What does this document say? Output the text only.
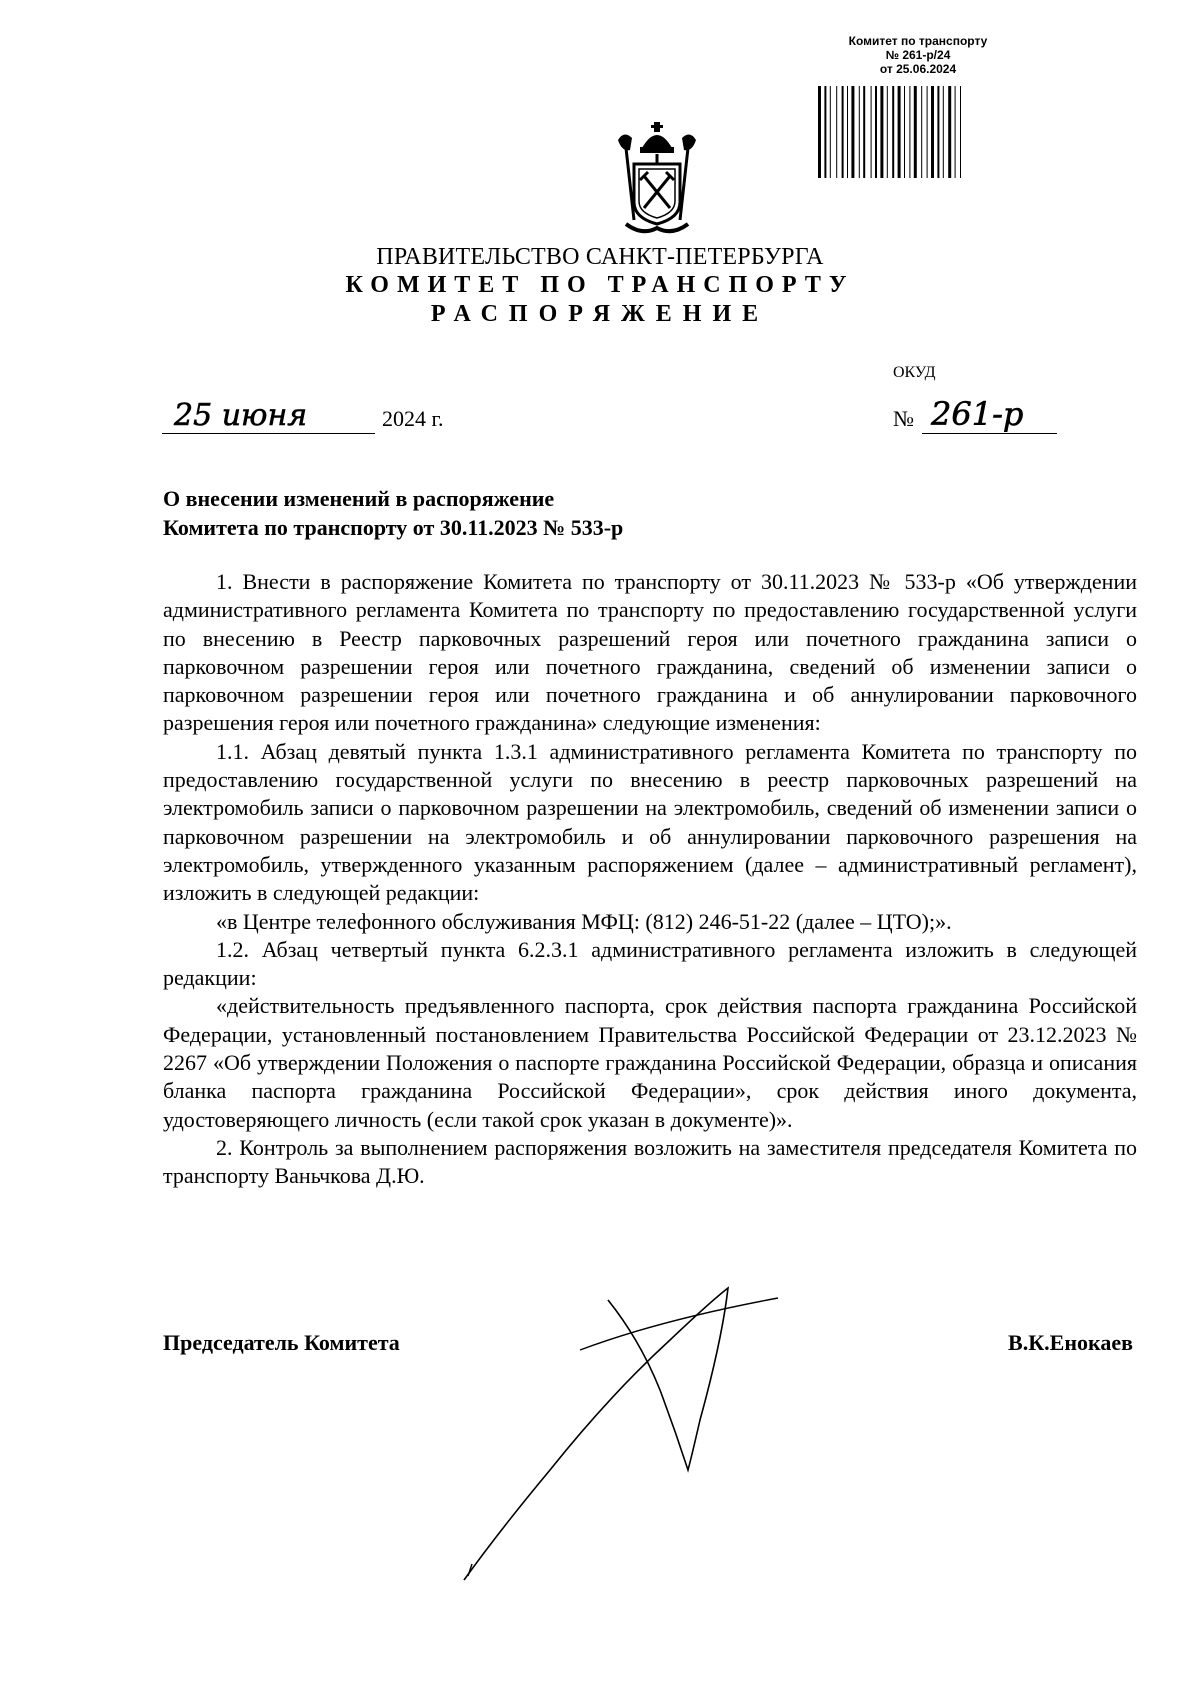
Комитет по транспорту
№ 261-р/24
от 25.06.2024
ПРАВИТЕЛЬСТВО САНКТ-ПЕТЕРБУРГА
КОМИТЕТ ПО ТРАНСПОРТУ
РАСПОРЯЖЕНИЕ
ОКУД
25 июня	2024 г.	№ 261-р
О внесении изменений в распоряжение
Комитета по транспорту от 30.11.2023 № 533-р

1. Внести в распоряжение Комитета по транспорту от 30.11.2023 № 533-р «Об утверждении административного регламента Комитета по транспорту по предоставлению государственной услуги по внесению в Реестр парковочных разрешений героя или почетного гражданина записи о парковочном разрешении героя или почетного гражданина, сведений об изменении записи о парковочном разрешении героя или почетного гражданина и об аннулировании парковочного разрешения героя или почетного гражданина» следующие изменения:

1.1. Абзац девятый пункта 1.3.1 административного регламента Комитета по транспорту по предоставлению государственной услуги по внесению в реестр парковочных разрешений на электромобиль записи о парковочном разрешении на электромобиль, сведений об изменении записи о парковочном разрешении на электромобиль и об аннулировании парковочного разрешения на электромобиль, утвержденного указанным распоряжением (далее – административный регламент), изложить в следующей редакции:

«в Центре телефонного обслуживания МФЦ: (812) 246-51-22 (далее – ЦТО);».

1.2. Абзац четвертый пункта 6.2.3.1 административного регламента изложить в следующей редакции:

«действительность предъявленного паспорта, срок действия паспорта гражданина Российской Федерации, установленный постановлением Правительства Российской Федерации от 23.12.2023 № 2267 «Об утверждении Положения о паспорте гражданина Российской Федерации, образца и описания бланка паспорта гражданина Российской Федерации», срок действия иного документа, удостоверяющего личность (если такой срок указан в документе)».

2. Контроль за выполнением распоряжения возложить на заместителя председателя Комитета по транспорту Ваньчкова Д.Ю.

Председатель Комитета	В.К.Енокаев
